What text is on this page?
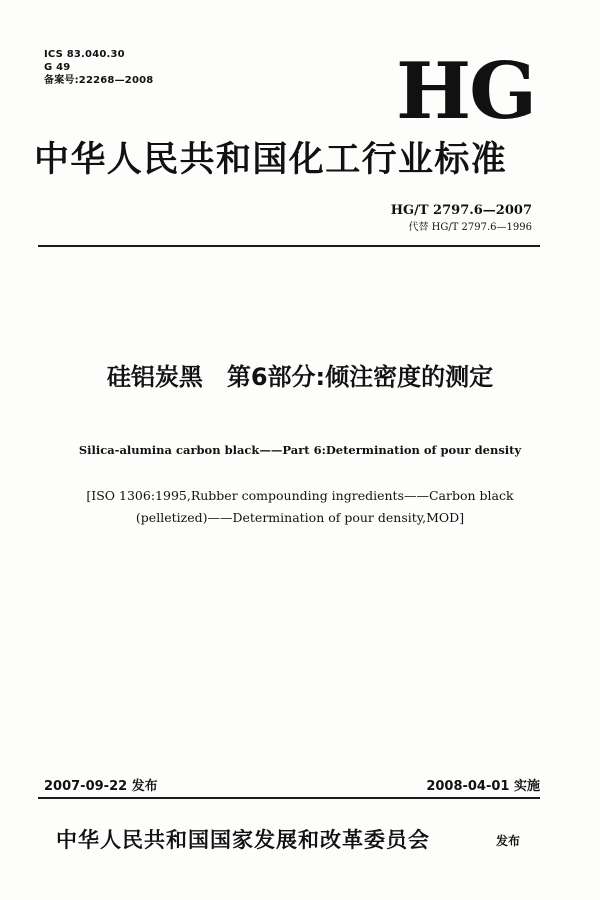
ICS 83.040.30
G 49
备案号:22268—2008	HG
中华人民共和国化工行业标准
HG/T 2797.6—2007
代替 HG/T 2797.6—1996
硅铝炭黑　第6部分:倾注密度的测定
Silica-alumina carbon black——Part 6:Determination of pour density
[ISO 1306:1995,Rubber compounding ingredients——Carbon black
(pelletized)——Determination of pour density,MOD]
2007-09-22 发布	2008-04-01 实施
中华人民共和国国家发展和改革委员会	发布
